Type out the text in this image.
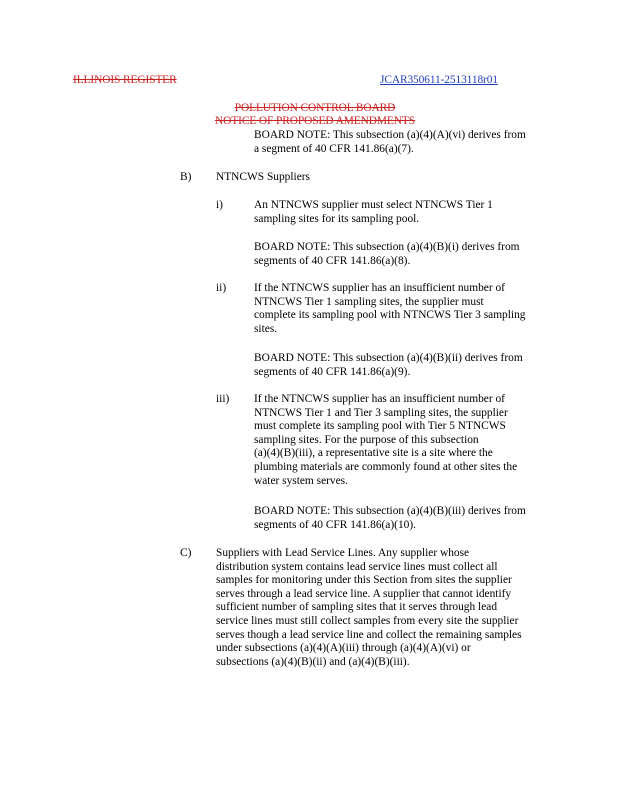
ILLINOIS REGISTER	JCAR350611-2513118r01
POLLUTION CONTROL BOARD
NOTICE OF PROPOSED AMENDMENTS

BOARD NOTE: This subsection (a)(4)(A)(vi) derives from

a segment of 40 CFR 141.86(a)(7).

B) NTNCWS Suppliers
i)	An NTNCWS supplier must select NTNCWS Tier 1

sampling sites for its sampling pool.

BOARD NOTE: This subsection (a)(4)(B)(i) derives from

segments of 40 CFR 141.86(a)(8).

ii) If the NTNCWS supplier has an insufficient number of

NTNCWS Tier 1 sampling sites, the supplier must

complete its sampling pool with NTNCWS Tier 3 sampling

sites.

BOARD NOTE: This subsection (a)(4)(B)(ii) derives from

segments of 40 CFR 141.86(a)(9).

iii) If the NTNCWS supplier has an insufficient number of

NTNCWS Tier 1 and Tier 3 sampling sites, the supplier

must complete its sampling pool with Tier 5 NTNCWS

sampling sites. For the purpose of this subsection

(a)(4)(B)(iii), a representative site is a site where the

plumbing materials are commonly found at other sites the

water system serves.

BOARD NOTE: This subsection (a)(4)(B)(iii) derives from

segments of 40 CFR 141.86(a)(10).

C) Suppliers with Lead Service Lines. Any supplier whose

distribution system contains lead service lines must collect all

samples for monitoring under this Section from sites the supplier

serves through a lead service line. A supplier that cannot identify

sufficient number of sampling sites that it serves through lead

service lines must still collect samples from every site the supplier

serves though a lead service line and collect the remaining samples

under subsections (a)(4)(A)(iii) through (a)(4)(A)(vi) or

subsections (a)(4)(B)(ii) and (a)(4)(B)(iii).
